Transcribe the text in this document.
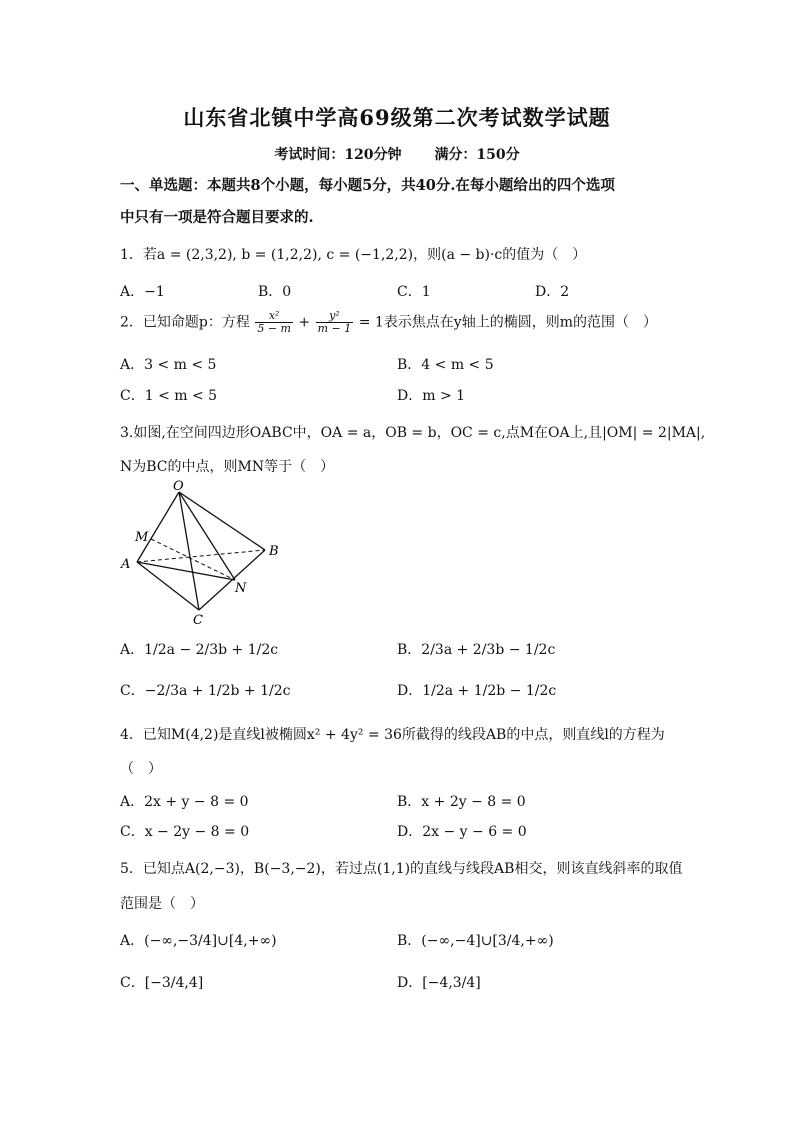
山东省北镇中学高69级第二次考试数学试题
考试时间：120分钟 满分：150分
一、单选题：本题共8个小题，每小题5分，共40分.在每小题给出的四个选项
中只有一项是符合题目要求的.
1．若a = (2,3,2), b = (1,2,2), c = (−1,2,2)，则(a − b)·c的值为（　）
A．−1	B．0	C．1	D．2
2．已知命题p：方程 $\frac{\text{x²}}{5 - m} + \frac{\text{y²}}{m - 1} = 1$表示焦点在y轴上的椭圆，则m的范围（　）
A．3 < m < 5	B．4 < m < 5
C．1 < m < 5	D．m > 1
3.如图,在空间四边形OABC中，OA = a，OB = b，OC = c,点M在OA上,且|OM| = 2|MA|,
N为BC的中点，则MN等于（　）
O
M
A
B
N
C
A．1/2a − 2/3b + 1/2c	B．2/3a + 2/3b − 1/2c
C．−2/3a + 1/2b + 1/2c	D．1/2a + 1/2b − 1/2c
4．已知M(4,2)是直线l被椭圆x² + 4y² = 36所截得的线段AB的中点，则直线l的方程为
（　）
A．2x + y − 8 = 0	B．x + 2y − 8 = 0
C．x − 2y − 8 = 0	D．2x − y − 6 = 0
5．已知点A(2,−3)，B(−3,−2)，若过点(1,1)的直线与线段AB相交，则该直线斜率的取值
范围是（　）
A．(−∞,−3/4]∪[4,+∞)	B．(−∞,−4]∪[3/4,+∞)
C．[−3/4,4]	D．[−4,3/4]
